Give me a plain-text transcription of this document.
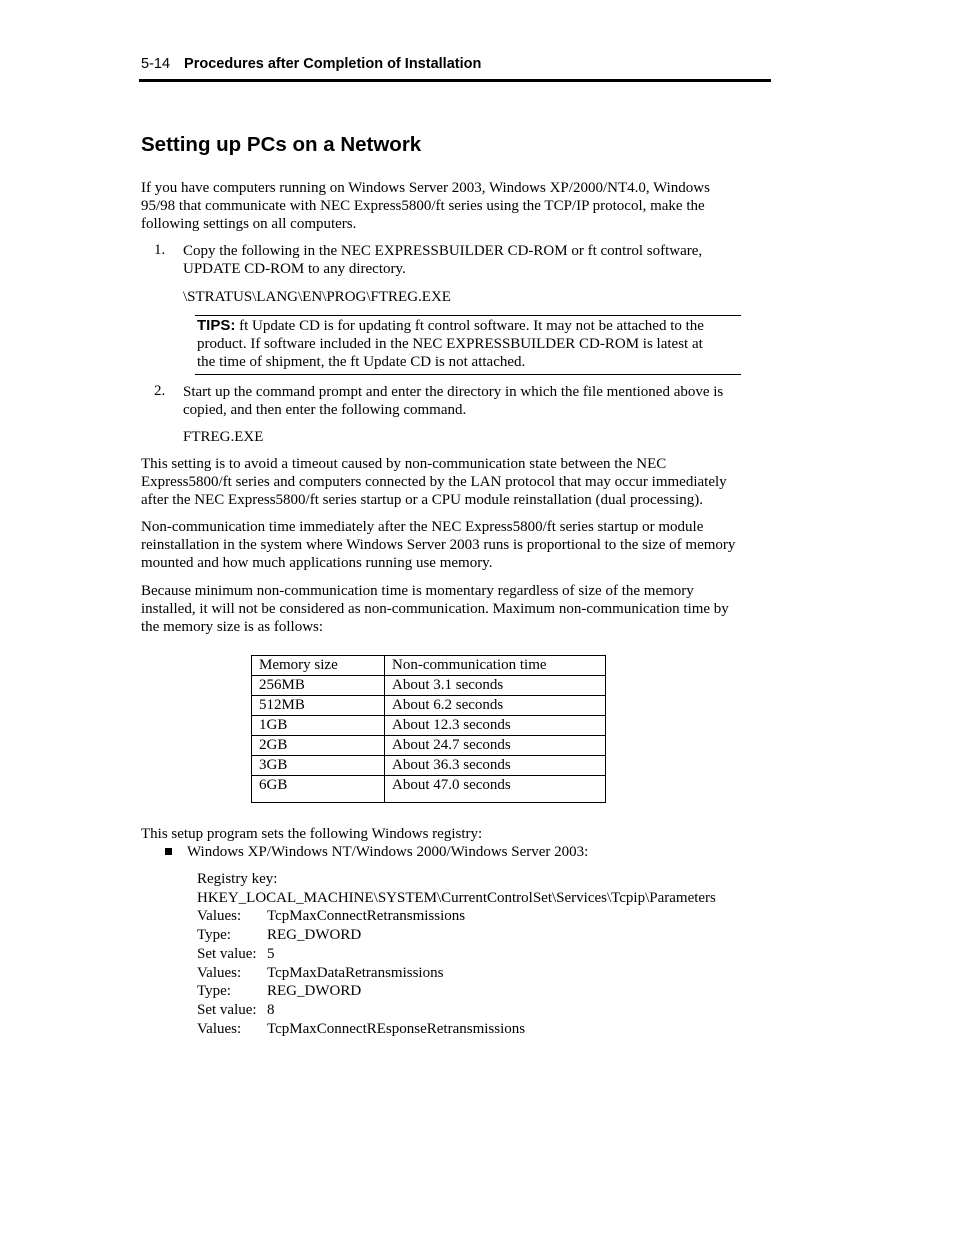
5-14 Procedures after Completion of Installation
Setting up PCs on a Network
If you have computers running on Windows Server 2003, Windows XP/2000/NT4.0, Windows
95/98 that communicate with NEC Express5800/ft series using the TCP/IP protocol, make the
following settings on all computers.
1. Copy the following in the NEC EXPRESSBUILDER CD-ROM or ft control software,
UPDATE CD-ROM to any directory.
\STRATUS\LANG\EN\PROG\FTREG.EXE
TIPS: ft Update CD is for updating ft control software. It may not be attached to the
product. If software included in the NEC EXPRESSBUILDER CD-ROM is latest at
the time of shipment, the ft Update CD is not attached.
2. Start up the command prompt and enter the directory in which the file mentioned above is
copied, and then enter the following command.
FTREG.EXE
This setting is to avoid a timeout caused by non-communication state between the NEC
Express5800/ft series and computers connected by the LAN protocol that may occur immediately
after the NEC Express5800/ft series startup or a CPU module reinstallation (dual processing).
Non-communication time immediately after the NEC Express5800/ft series startup or module
reinstallation in the system where Windows Server 2003 runs is proportional to the size of memory
mounted and how much applications running use memory.
Because minimum non-communication time is momentary regardless of size of the memory
installed, it will not be considered as non-communication. Maximum non-communication time by
the memory size is as follows:
Memory size	Non-communication time
256MB	About 3.1 seconds
512MB	About 6.2 seconds
1GB	About 12.3 seconds
2GB	About 24.7 seconds
3GB	About 36.3 seconds
6GB	About 47.0 seconds
This setup program sets the following Windows registry:
Windows XP/Windows NT/Windows 2000/Windows Server 2003:
Registry key:
HKEY_LOCAL_MACHINE\SYSTEM\CurrentControlSet\Services\Tcpip\Parameters
Values: TcpMaxConnectRetransmissions
Type: REG_DWORD
Set value: 5
Values: TcpMaxDataRetransmissions
Type: REG_DWORD
Set value: 8
Values: TcpMaxConnectREsponseRetransmissions
